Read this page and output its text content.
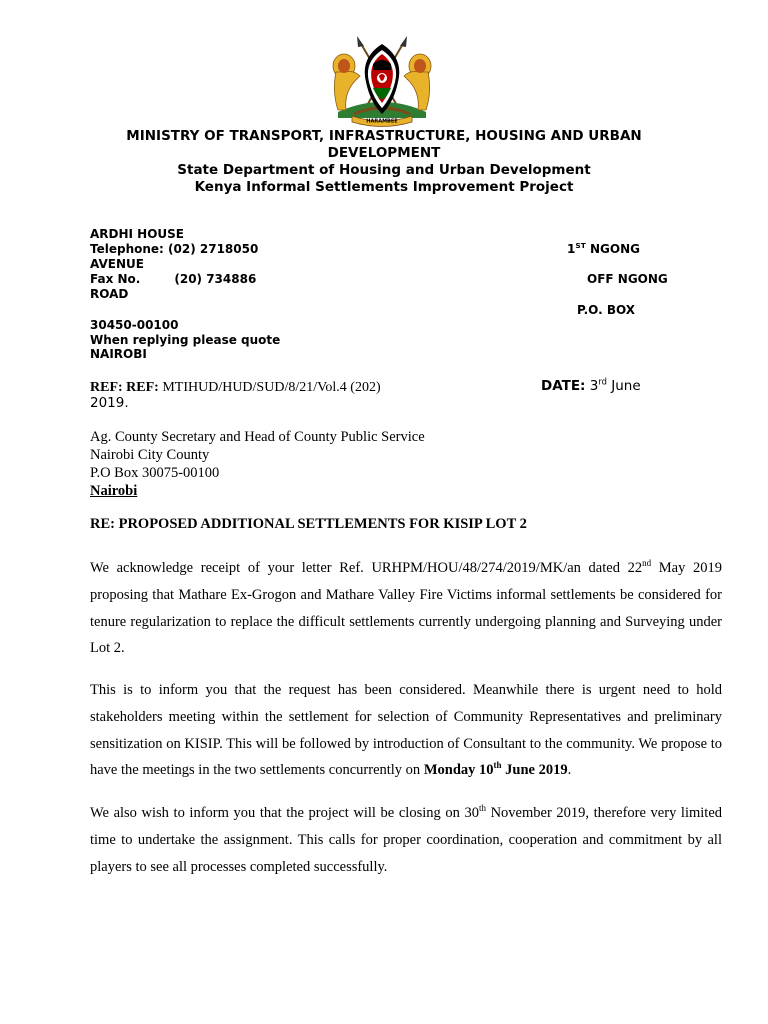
HARAMBEE
MINISTRY OF TRANSPORT, INFRASTRUCTURE, HOUSING AND URBAN
DEVELOPMENT
State Department of Housing and Urban Development
Kenya Informal Settlements Improvement Project
ARDHI HOUSE
Telephone: (02) 2718050	1ST NGONG
AVENUE
Fax No.	(20) 734886	OFF NGONG
ROAD
P.O. BOX
30450-00100
When replying please quote
NAIROBI
REF: REF: MTIHUD/HUD/SUD/8/21/Vol.4 (202)	DATE: 3rd June
2019.
Ag. County Secretary and Head of County Public Service
Nairobi City County
P.O Box 30075-00100
Nairobi
RE: PROPOSED ADDITIONAL SETTLEMENTS FOR KISIP LOT 2

We acknowledge receipt of your letter Ref. URHPM/HOU/48/274/2019/MK/an dated 22nd May 2019 proposing that Mathare Ex-Grogon and Mathare Valley Fire Victims informal settlements be considered for tenure regularization to replace the difficult settlements currently undergoing planning and Surveying under Lot 2.

This is to inform you that the request has been considered. Meanwhile there is urgent need to hold stakeholders meeting within the settlement for selection of Community Representatives and preliminary sensitization on KISIP. This will be followed by introduction of Consultant to the community. We propose to have the meetings in the two settlements concurrently on Monday 10th June 2019.

We also wish to inform you that the project will be closing on 30th November 2019, therefore very limited time to undertake the assignment. This calls for proper coordination, cooperation and commitment by all players to see all processes completed successfully.
